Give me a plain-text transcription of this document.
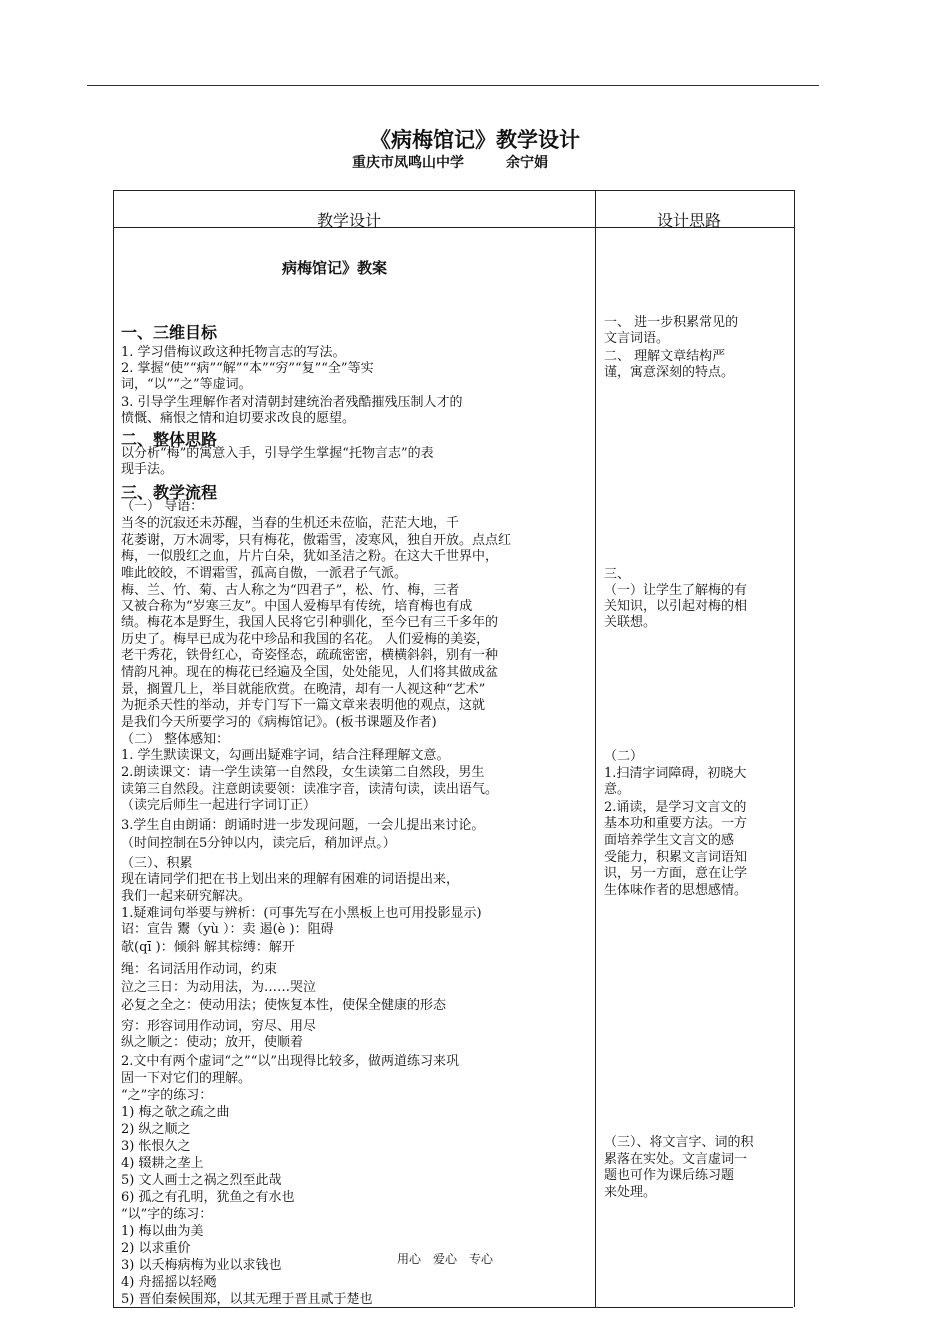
《病梅馆记》教学设计
重庆市凤鸣山中学	余宁娟
教学设计	设计思路
病梅馆记》教案
一、三维目标
1. 学习借梅议政这种托物言志的写法。
2. 掌握“使”“病”“解”“本”“穷”“复”“全”等实
词，“以”“之”等虚词。
3. 引导学生理解作者对清朝封建统治者残酷摧残压制人才的
愤慨、痛恨之情和迫切要求改良的愿望。
二、整体思路
以分析“梅”的寓意入手，引导学生掌握“托物言志”的表
现手法。
三、教学流程
（一） 导语：
当冬的沉寂还未苏醒，当春的生机还未莅临，茫茫大地，千
花萎谢，万木凋零，只有梅花，傲霜雪，凌寒风，独自开放。点点红
梅，一似殷红之血，片片白朵，犹如圣洁之粉。在这大千世界中，
唯此皎皎，不谓霜雪，孤高自傲，一派君子气派。
梅、兰、竹、菊、古人称之为“四君子”，松、竹、梅，三者
又被合称为“岁寒三友”。中国人爱梅早有传统，培育梅也有成
绩。梅花本是野生，我国人民将它引种驯化，至今已有三千多年的
历史了。梅早已成为花中珍品和我国的名花。 人们爱梅的美姿，
老干秀花，铁骨红心，奇姿怪态，疏疏密密，横横斜斜，别有一种
情韵凡神。现在的梅花已经遍及全国，处处能见，人们将其做成盆
景，搁置几上，举目就能欣赏。在晚清，却有一人视这种“艺术”
为扼杀天性的举动，并专门写下一篇文章来表明他的观点，这就
是我们今天所要学习的《病梅馆记》。(板书课题及作者)
（二） 整体感知：
1. 学生默读课文，勾画出疑难字词，结合注释理解文意。
2.朗读课文：请一学生读第一自然段，女生读第二自然段，男生
读第三自然段。注意朗读要领：读准字音，读清句读，读出语气。
（读完后师生一起进行字词订正）
3.学生自由朗诵：朗诵时进一步发现问题，一会儿提出来讨论。
（时间控制在5分钟以内，读完后，稍加评点。）
（三）、积累
现在请同学们把在书上划出来的理解有困难的词语提出来，
我们一起来研究解决。
1.疑难词句举要与辨析：(可事先写在小黑板上也可用投影显示)
诏：宣告 鬻（yù ）：卖 遏(è )：阻碍
欹(qī )：倾斜 解其棕缚：解开
绳：名词活用作动词，约束
泣之三日：为动用法，为……哭泣
必复之全之：使动用法；使恢复本性，使保全健康的形态
穷：形容词用作动词，穷尽、用尽
纵之顺之：使动；放开，使顺着
2.文中有两个虚词“之”“以”出现得比较多，做两道练习来巩
固一下对它们的理解。
“之”字的练习：
1) 梅之欹之疏之曲
2) 纵之顺之
3) 怅恨久之
4) 辍耕之垄上
5) 文人画士之祸之烈至此哉
6) 孤之有孔明，犹鱼之有水也
“以”字的练习：
1) 梅以曲为美
2) 以求重价
3) 以夭梅病梅为业以求钱也
4) 舟摇摇以轻飏
5) 晋伯秦候围郑，以其无理于晋且贰于楚也
一、 进一步积累常见的
文言词语。
二、 理解文章结构严
谨，寓意深刻的特点。
三、
（一）让学生了解梅的有
关知识，以引起对梅的相
关联想。
（二）
1.扫清字词障碍，初晓大
意。
2.诵读，是学习文言文的
基本功和重要方法。一方
面培养学生文言文的感
受能力，积累文言词语知
识，另一方面，意在让学
生体味作者的思想感情。
（三）、将文言字、词的积
累落在实处。文言虚词一
题也可作为课后练习题
来处理。
用心 爱心 专心
